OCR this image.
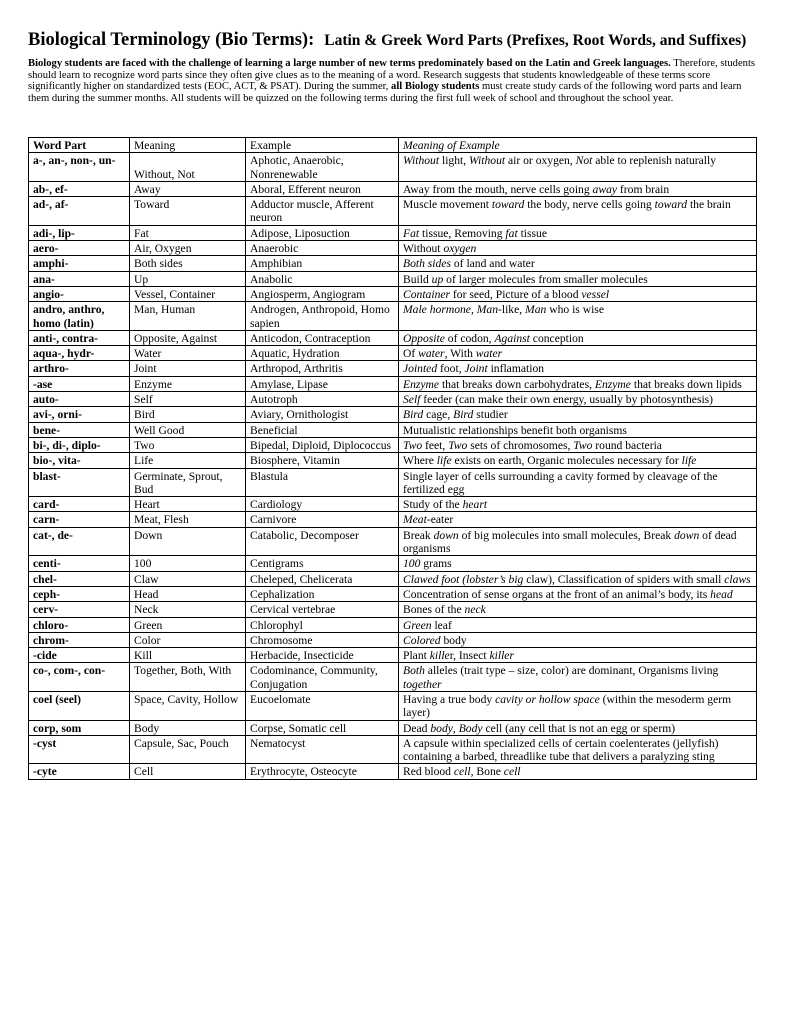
Biological Terminology (Bio Terms): Latin & Greek Word Parts (Prefixes, Root Words, and Suffixes)
Biology students are faced with the challenge of learning a large number of new terms predominately based on the Latin and Greek languages. Therefore, students should learn to recognize word parts since they often give clues as to the meaning of a word. Research suggests that students knowledgeable of these terms score significantly higher on standardized tests (EOC, ACT, & PSAT). During the summer, all Biology students must create study cards of the following word parts and learn them during the summer months. All students will be quizzed on the following terms during the first full week of school and throughout the school year.
Word Part	Meaning	Example	Meaning of Example
a-, an-, non-, un-	Without, Not	Aphotic, Anaerobic, Nonrenewable	Without light, Without air or oxygen, Not able to replenish naturally
ab-, ef-	Away	Aboral, Efferent neuron	Away from the mouth, nerve cells going away from brain
ad-, af-	Toward	Adductor muscle, Afferent neuron	Muscle movement toward the body, nerve cells going toward the brain
adi-, lip-	Fat	Adipose, Liposuction	Fat tissue, Removing fat tissue
aero-	Air, Oxygen	Anaerobic	Without oxygen
amphi-	Both sides	Amphibian	Both sides of land and water
ana-	Up	Anabolic	Build up of larger molecules from smaller molecules
angio-	Vessel, Container	Angiosperm, Angiogram	Container for seed, Picture of a blood vessel
andro, anthro, homo (latin)	Man, Human	Androgen, Anthropoid, Homo sapien	Male hormone, Man-like, Man who is wise
anti-, contra-	Opposite, Against	Anticodon, Contraception	Opposite of codon, Against conception
aqua-, hydr-	Water	Aquatic, Hydration	Of water, With water
arthro-	Joint	Arthropod, Arthritis	Jointed foot, Joint inflamation
-ase	Enzyme	Amylase, Lipase	Enzyme that breaks down carbohydrates, Enzyme that breaks down lipids
auto-	Self	Autotroph	Self feeder (can make their own energy, usually by photosynthesis)
avi-, orni-	Bird	Aviary, Ornithologist	Bird cage, Bird studier
bene-	Well Good	Beneficial	Mutualistic relationships benefit both organisms
bi-, di-, diplo-	Two	Bipedal, Diploid, Diplococcus	Two feet, Two sets of chromosomes, Two round bacteria
bio-, vita-	Life	Biosphere, Vitamin	Where life exists on earth, Organic molecules necessary for life
blast-	Germinate, Sprout, Bud	Blastula	Single layer of cells surrounding a cavity formed by cleavage of the fertilized egg
card-	Heart	Cardiology	Study of the heart
carn-	Meat, Flesh	Carnivore	Meat-eater
cat-, de-	Down	Catabolic, Decomposer	Break down of big molecules into small molecules, Break down of dead organisms
centi-	100	Centigrams	100 grams
chel-	Claw	Cheleped, Chelicerata	Clawed foot (lobster’s big claw), Classification of spiders with small claws
ceph-	Head	Cephalization	Concentration of sense organs at the front of an animal’s body, its head
cerv-	Neck	Cervical vertebrae	Bones of the neck
chloro-	Green	Chlorophyl	Green leaf
chrom-	Color	Chromosome	Colored body
-cide	Kill	Herbacide, Insecticide	Plant killer, Insect killer
co-, com-, con-	Together, Both, With	Codominance, Community, Conjugation	Both alleles (trait type – size, color) are dominant, Organisms living together
coel (seel)	Space, Cavity, Hollow	Eucoelomate	Having a true body cavity or hollow space (within the mesoderm germ layer)
corp, som	Body	Corpse, Somatic cell	Dead body, Body cell (any cell that is not an egg or sperm)
-cyst	Capsule, Sac, Pouch	Nematocyst	A capsule within specialized cells of certain coelenterates (jellyfish) containing a barbed, threadlike tube that delivers a paralyzing sting
-cyte	Cell	Erythrocyte, Osteocyte	Red blood cell, Bone cell
